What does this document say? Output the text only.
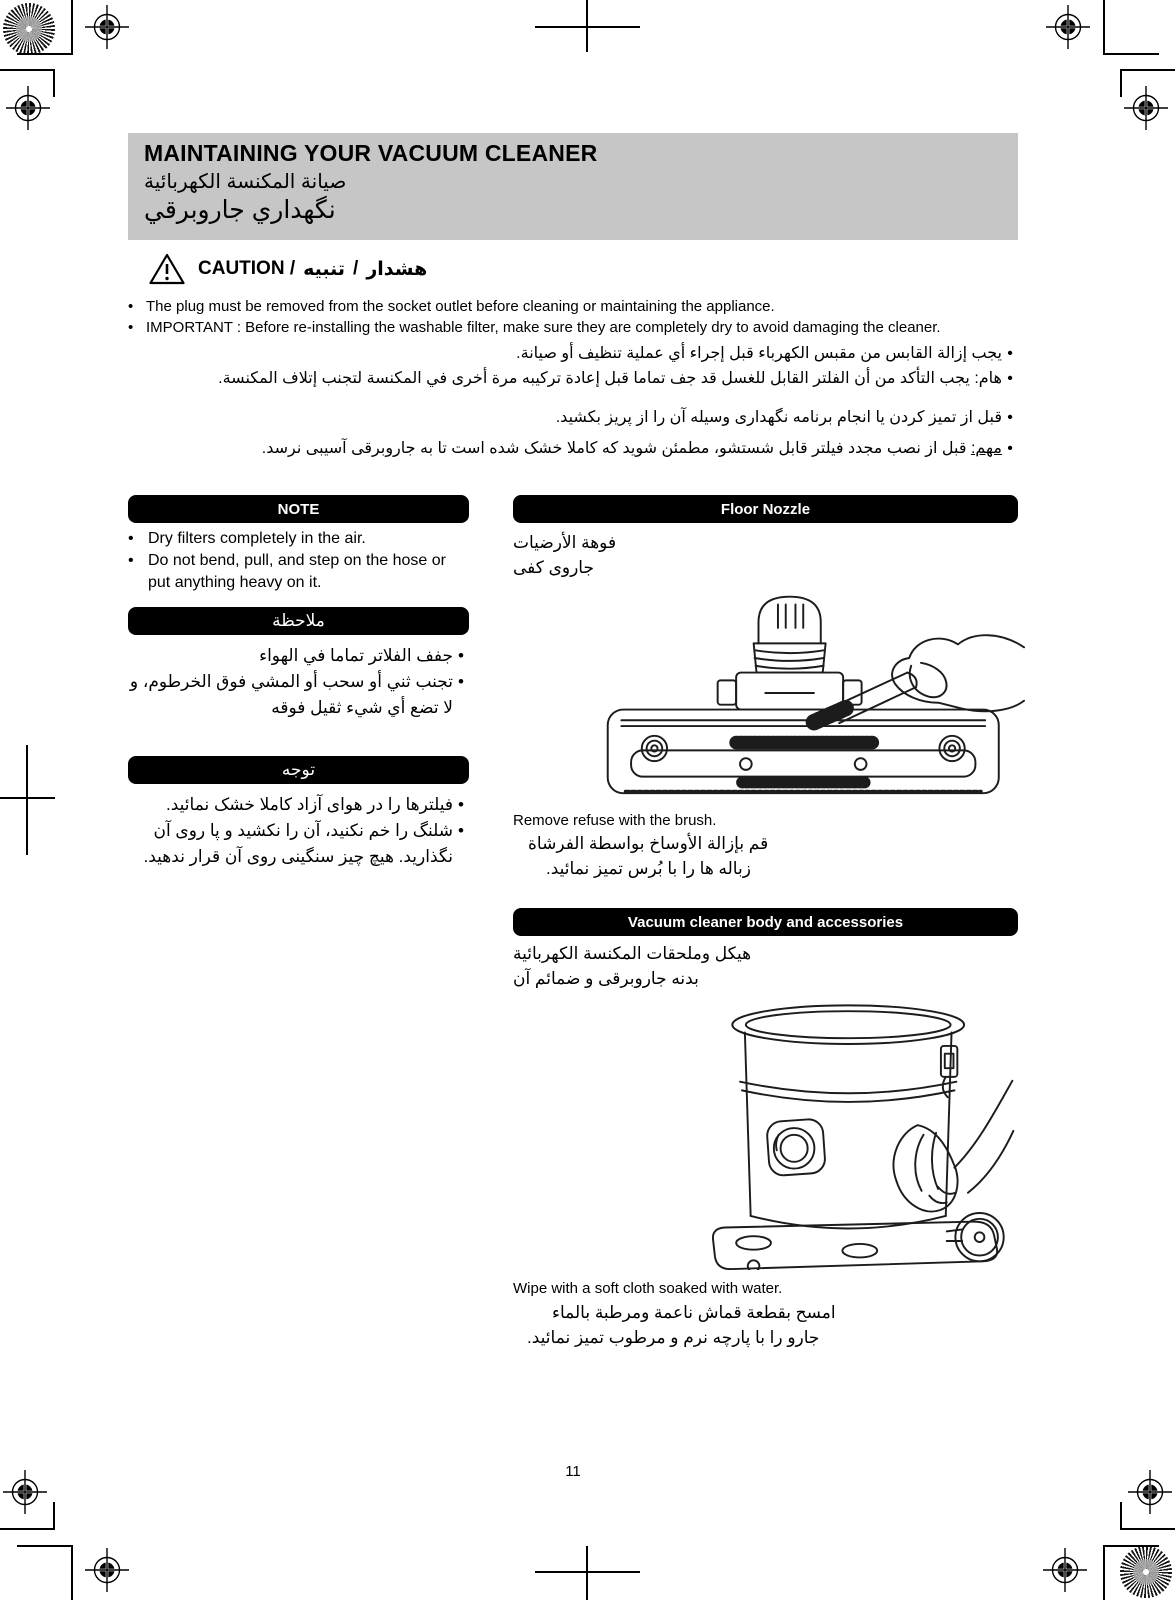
MAINTAINING YOUR VACUUM CLEANER
صيانة المكنسة الكهربائية
نگهداري جاروبرقي
CAUTION / تنبيه / هشدار
• The plug must be removed from the socket outlet before cleaning or maintaining the appliance.
• IMPORTANT : Before re-installing the washable filter, make sure they are completely dry to avoid damaging the cleaner.
•
يجب إزالة القابس من مقبس الكهرباء قبل إجراء أي عملية تنظيف أو صيانة.
•
هام: يجب التأكد من أن الفلتر القابل للغسل قد جف تماما قبل إعادة تركيبه مرة أخرى في المكنسة لتجنب إتلاف المكنسة.
•
قبل از تميز كردن يا انجام برنامه نگهدارى وسيله آن را از پريز بكشيد.
•
مهم: قبل از نصب مجدد فيلتر قابل شستشو، مطمئن شويد كه كاملا خشک شده است تا به جاروبرقى آسيبى نرسد.
NOTE
• Dry filters completely in the air.
• Do not bend, pull, and step on the hose or put anything heavy on it.
ملاحظة
•
جفف الفلاتر تماما في الهواء
•
تجنب ثني أو سحب أو المشي فوق الخرطوم، و لا تضع أي شيء ثقيل فوقه
توجه
•
فيلترها را در هواى آزاد كاملا خشک نمائيد.
•
شلنگ را خم نكنيد، آن را نكشيد و پا روى آن نگذاريد. هيچ چيز سنگينى روى آن قرار ندهيد.
Floor Nozzle
فوهة الأرضيات
جاروى كفى
Remove refuse with the brush.
قم بإزالة الأوساخ بواسطة الفرشاة
زباله ها را با بُرس تميز نمائيد.
Vacuum cleaner body and accessories
هيكل وملحقات المكنسة الكهربائية
بدنه جاروبرقى و ضمائم آن
Wipe with a soft cloth soaked with water.
امسح بقطعة قماش ناعمة ومرطبة بالماء
جارو را با پارچه نرم و مرطوب تميز نمائيد.
11
